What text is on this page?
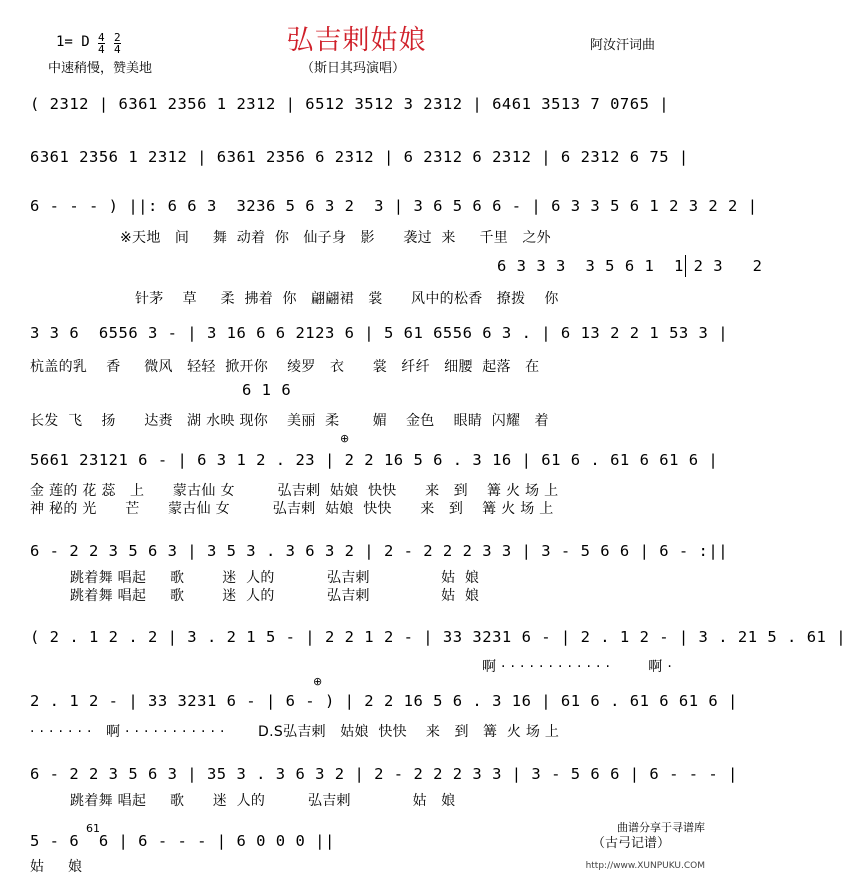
弘吉剌姑娘
1= D 4
4
2
4
中速稍慢，赞美地	（斯日其玛演唱）
阿汝汗词曲
( 2312 | 6361 2356 1 2312 | 6512 3512 3 2312 | 6461 3513 7 0765 |
6361 2356 1 2312 | 6361 2356 6 2312 | 6 2312 6 2312 | 6 2312 6 75 |
6 - - - ) ||: 6 6 3  3236 5 6 3 2  3 | 3 6 5 6 6 - | 6 3 3 5 6 1 2 3 2 2 |
※天地   间     舞  动着  你   仙子身   影      袭过  来     千里   之外
6 3 3 3  3 5 6 1  1 2 3   2
针茅    草     柔  拂着  你   翩翩裙   裳      风中的松香   撩拨    你
3 3 6  6556 3 - | 3 16 6 6 2123 6 | 5 61 6556 6 3 . | 6 13 2 2 1 53 3 |
杭盖的乳    香     微风   轻轻  掀开你    绫罗   衣      裳   纤纤   细腰  起落   在
6 1 6
长发  飞    扬      达赉   湖 水映 现你    美丽  柔       媚    金色    眼睛  闪耀   着
5661 23121 6 - | 6 3 1 2 . 23 | 2 2 16 5 6 . 3 16 | 61 6 . 61 6 61 6 |
⊕
金 莲的 花 蕊   上      蒙古仙 女         弘吉剌  姑娘  快快      来   到    篝 火 场 上
神 秘的 光      芒      蒙古仙 女         弘吉剌  姑娘  快快      来   到    篝 火 场 上
6 - 2 2 3 5 6 3 | 3 5 3 . 3 6 3 2 | 2 - 2 2 2 3 3 | 3 - 5 6 6 | 6 - :||
跳着舞 唱起     歌        迷  人的           弘吉剌               姑  娘
跳着舞 唱起     歌        迷  人的           弘吉剌               姑  娘
( 2 . 1 2 . 2 | 3 . 2 1 5 - | 2 2 1 2 - | 33 3231 6 - | 2 . 1 2 - | 3 . 21 5 . 61 |
啊 · · · · · · · · · · · ·        啊 ·
2 . 1 2 - | 33 3231 6 - | 6 - ) | 2 2 16 5 6 . 3 16 | 61 6 . 61 6 61 6 |
⊕
· · · · · · ·   啊 · · · · · · · · · · ·       D.S弘吉剌   姑娘  快快    来   到   篝  火 场 上
6 - 2 2 3 5 6 3 | 35 3 . 3 6 3 2 | 2 - 2 2 2 3 3 | 3 - 5 6 6 | 6 - - - |
跳着舞 唱起     歌      迷  人的         弘吉剌             姑   娘
61
5 - 6  6 | 6 - - - | 6 0 0 0 ||
姑     娘
（古弓记谱）

曲谱分享于寻谱库

http://www.XUNPUKU.COM
